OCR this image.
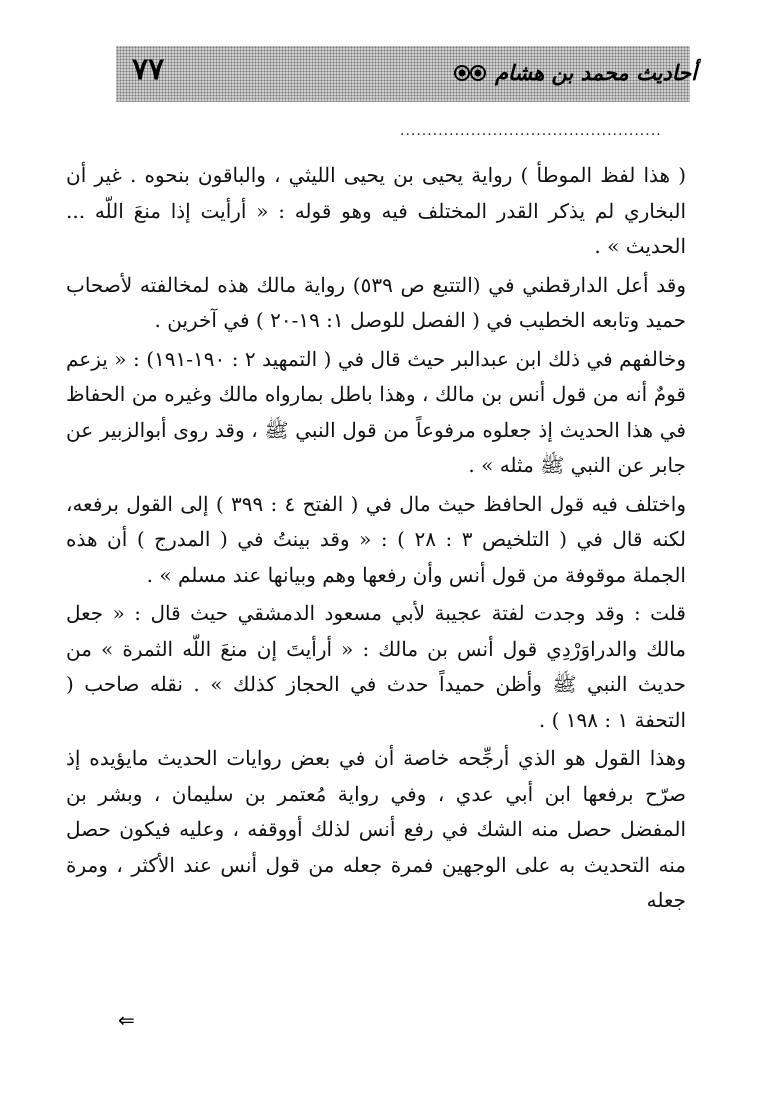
٧٧	أحاديث محمد بن هشام
................................................

( هذا لفظ الموطأ ) رواية يحيى بن يحيى الليثي ، والباقون بنحوه . غير أن البخاري لم يذكر القدر المختلف فيه وهو قوله : « أرأيت إذا منعَ اللّه ... الحديث » .

وقد أعل الدارقطني في (التتبع ص ٥٣٩) رواية مالك هذه لمخالفته لأصحاب حميد وتابعه الخطيب في ( الفصل للوصل ١: ١٩-٢٠ ) في آخرين .

وخالفهم في ذلك ابن عبدالبر حيث قال في ( التمهيد ٢ : ١٩٠-١٩١) : « يزعم قومٌ أنه من قول أنس بن مالك ، وهذا باطل بمارواه مالك وغيره من الحفاظ في هذا الحديث إذ جعلوه مرفوعاً من قول النبي ﷺ ، وقد روى أبوالزبير عن جابر عن النبي ﷺ مثله » .

واختلف فيه قول الحافظ حيث مال في ( الفتح ٤ : ٣٩٩ ) إلى القول برفعه، لكنه قال في ( التلخيص ٣ : ٢٨ ) : « وقد بينتُ في ( المدرج ) أن هذه الجملة موقوفة من قول أنس وأن رفعها وهم وبيانها عند مسلم » .

قلت : وقد وجدت لفتة عجيبة لأبي مسعود الدمشقي حيث قال : « جعل مالك والدراوَرْدِي قول أنس بن مالك : « أرأيتَ إن منعَ اللّه الثمرة » من حديث النبي ﷺ وأظن حميداً حدث في الحجاز كذلك » . نقله صاحب ( التحفة ١ : ١٩٨ ) .

وهذا القول هو الذي أرجِّحه خاصة أن في بعض روايات الحديث مايؤيده إذ صرّح برفعها ابن أبي عدي ، وفي رواية مُعتمر بن سليمان ، وبشر بن المفضل حصل منه الشك في رفع أنس لذلك أووقفه ، وعليه فيكون حصل منه التحديث به على الوجهين فمرة جعله من قول أنس عند الأكثر ، ومرة جعله

⇐
